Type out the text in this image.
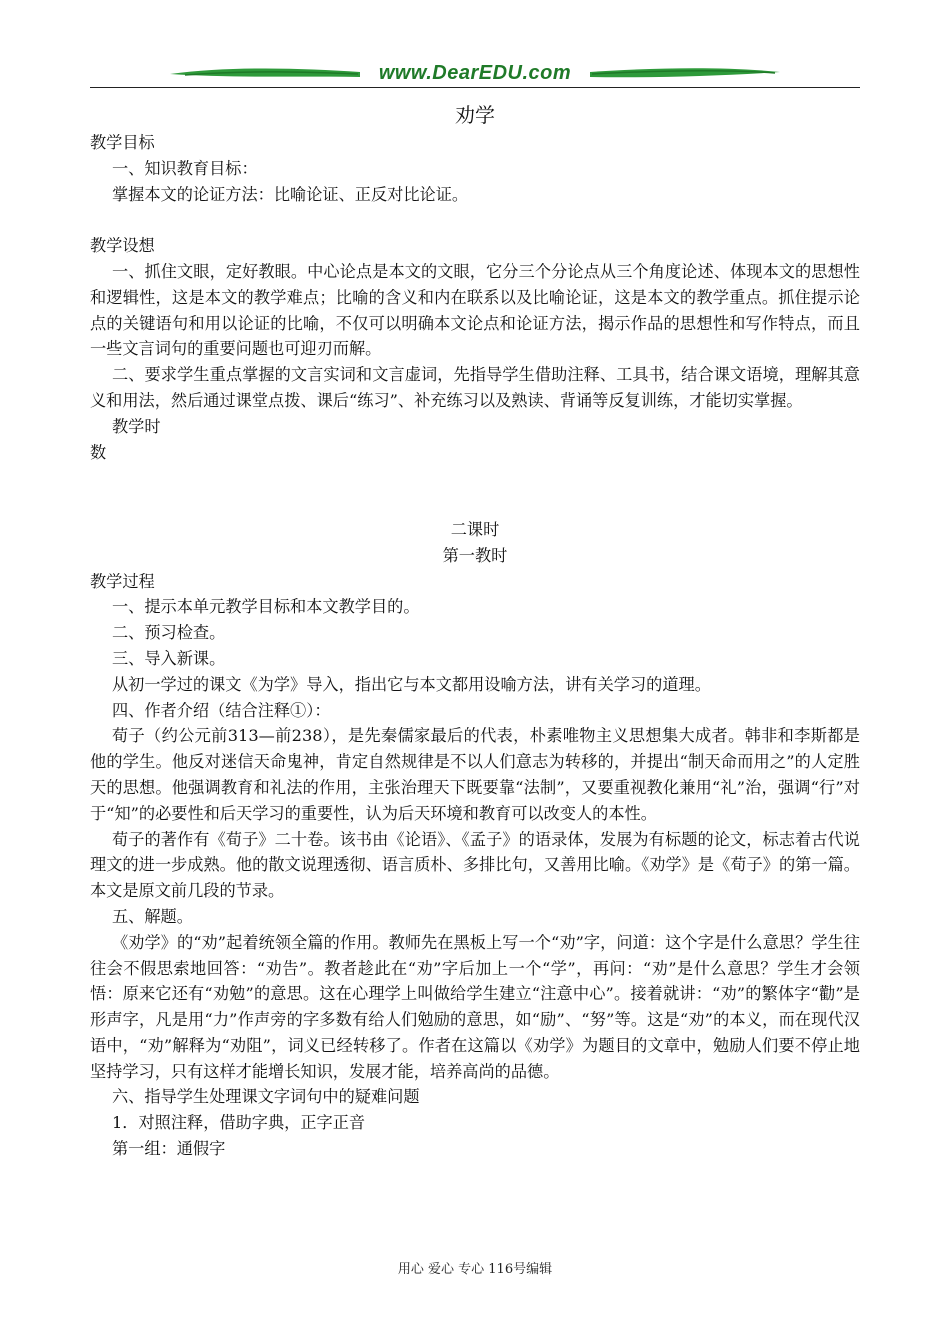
www.DearEDU.com
劝学
教学目标
一、知识教育目标：
掌握本文的论证方法：比喻论证、正反对比论证。
教学设想
一、抓住文眼，定好教眼。中心论点是本文的文眼，它分三个分论点从三个角度论述、体现本文的思想性和逻辑性，这是本文的教学难点；比喻的含义和内在联系以及比喻论证，这是本文的教学重点。抓住提示论点的关键语句和用以论证的比喻，不仅可以明确本文论点和论证方法，揭示作品的思想性和写作特点，而且一些文言词句的重要问题也可迎刃而解。
二、要求学生重点掌握的文言实词和文言虚词，先指导学生借助注释、工具书，结合课文语境，理解其意义和用法，然后通过课堂点拨、课后“练习”、补充练习以及熟读、背诵等反复训练，才能切实掌握。
教学时
数
二课时
第一教时
教学过程
一、提示本单元教学目标和本文教学目的。
二、预习检查。
三、导入新课。
从初一学过的课文《为学》导入，指出它与本文都用设喻方法，讲有关学习的道理。
四、作者介绍（结合注释①）：
荀子（约公元前313—前238），是先秦儒家最后的代表，朴素唯物主义思想集大成者。韩非和李斯都是他的学生。他反对迷信天命鬼神，肯定自然规律是不以人们意志为转移的，并提出“制天命而用之”的人定胜天的思想。他强调教育和礼法的作用，主张治理天下既要靠“法制”，又要重视教化兼用“礼”治，强调“行”对于“知”的必要性和后天学习的重要性，认为后天环境和教育可以改变人的本性。
荀子的著作有《荀子》二十卷。该书由《论语》、《孟子》的语录体，发展为有标题的论文，标志着古代说理文的进一步成熟。他的散文说理透彻、语言质朴、多排比句，又善用比喻。《劝学》是《荀子》的第一篇。本文是原文前几段的节录。
五、解题。
《劝学》的“劝”起着统领全篇的作用。教师先在黑板上写一个“劝”字，问道：这个字是什么意思？学生往往会不假思索地回答：“劝告”。教者趁此在“劝”字后加上一个“学”，再问：“劝”是什么意思？学生才会领悟：原来它还有“劝勉”的意思。这在心理学上叫做给学生建立“注意中心”。接着就讲：“劝”的繁体字“勸”是形声字，凡是用“力”作声旁的字多数有给人们勉励的意思，如“励”、“努”等。这是“劝”的本义，而在现代汉语中，“劝”解释为“劝阻”，词义已经转移了。作者在这篇以《劝学》为题目的文章中，勉励人们要不停止地坚持学习，只有这样才能增长知识，发展才能，培养高尚的品德。
六、指导学生处理课文字词句中的疑难问题
1．对照注释，借助字典，正字正音
第一组：通假字
用心 爱心 专心 116号编辑
